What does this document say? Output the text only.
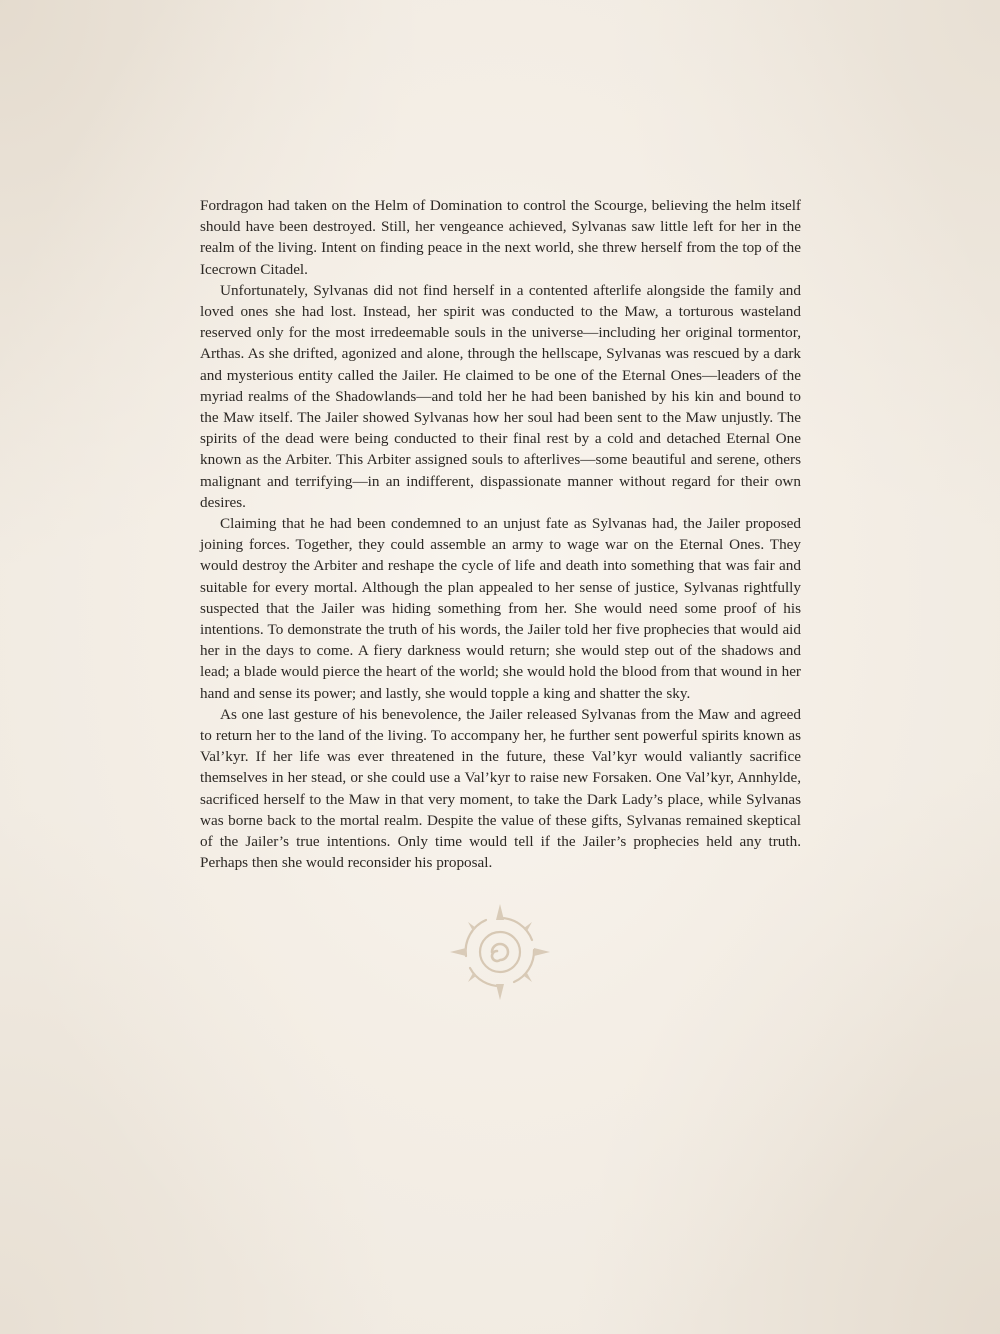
Fordragon had taken on the Helm of Domination to control the Scourge, believing the helm itself should have been destroyed. Still, her vengeance achieved, Sylvanas saw little left for her in the realm of the living. Intent on finding peace in the next world, she threw herself from the top of the Icecrown Citadel.

Unfortunately, Sylvanas did not find herself in a contented afterlife alongside the family and loved ones she had lost. Instead, her spirit was conducted to the Maw, a torturous wasteland reserved only for the most irredeemable souls in the universe—including her original tormentor, Arthas. As she drifted, agonized and alone, through the hellscape, Sylvanas was rescued by a dark and mysterious entity called the Jailer. He claimed to be one of the Eternal Ones—leaders of the myriad realms of the Shadowlands—and told her he had been banished by his kin and bound to the Maw itself. The Jailer showed Sylvanas how her soul had been sent to the Maw unjustly. The spirits of the dead were being conducted to their final rest by a cold and detached Eternal One known as the Arbiter. This Arbiter assigned souls to afterlives—some beautiful and serene, others malignant and terrifying—in an indifferent, dispassionate manner without regard for their own desires.

Claiming that he had been condemned to an unjust fate as Sylvanas had, the Jailer proposed joining forces. Together, they could assemble an army to wage war on the Eternal Ones. They would destroy the Arbiter and reshape the cycle of life and death into something that was fair and suitable for every mortal. Although the plan appealed to her sense of justice, Sylvanas rightfully suspected that the Jailer was hiding something from her. She would need some proof of his intentions. To demonstrate the truth of his words, the Jailer told her five prophecies that would aid her in the days to come. A fiery darkness would return; she would step out of the shadows and lead; a blade would pierce the heart of the world; she would hold the blood from that wound in her hand and sense its power; and lastly, she would topple a king and shatter the sky.

As one last gesture of his benevolence, the Jailer released Sylvanas from the Maw and agreed to return her to the land of the living. To accompany her, he further sent powerful spirits known as Val’kyr. If her life was ever threatened in the future, these Val’kyr would valiantly sacrifice themselves in her stead, or she could use a Val’kyr to raise new Forsaken. One Val’kyr, Annhylde, sacrificed herself to the Maw in that very moment, to take the Dark Lady’s place, while Sylvanas was borne back to the mortal realm. Despite the value of these gifts, Sylvanas remained skeptical of the Jailer’s true intentions. Only time would tell if the Jailer’s prophecies held any truth. Perhaps then she would reconsider his proposal.
